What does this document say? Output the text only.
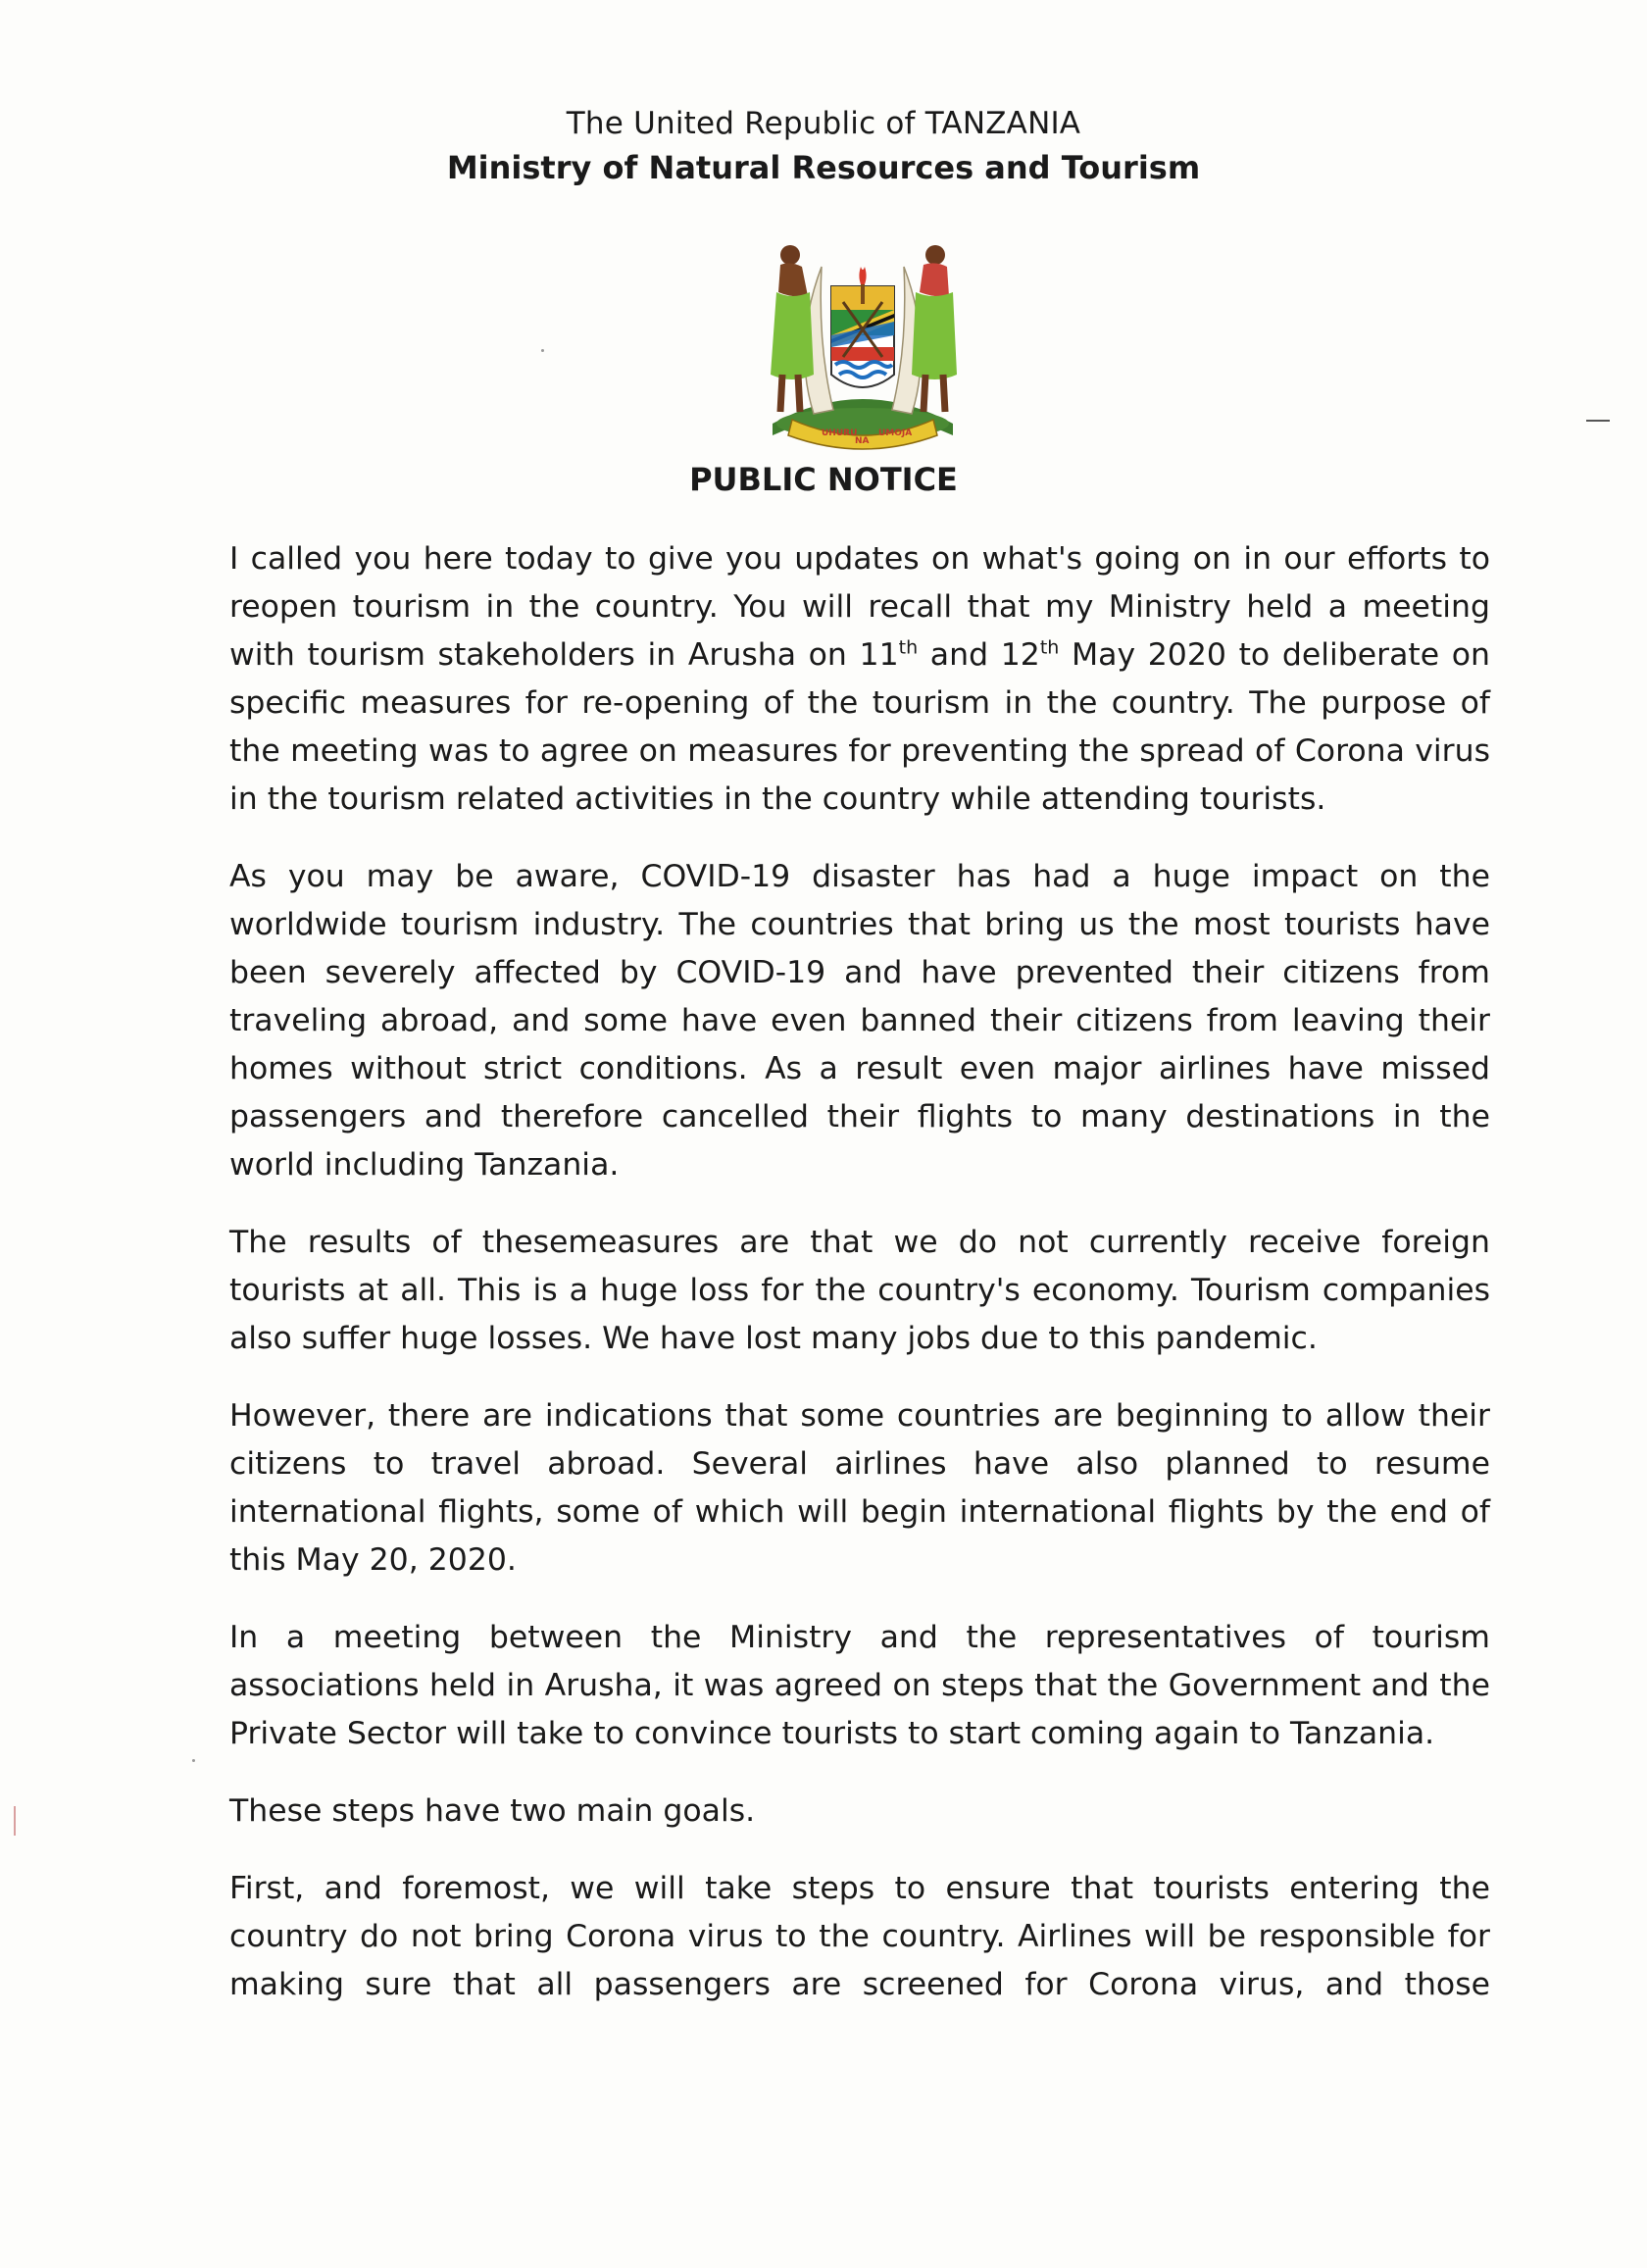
The United Republic of TANZANIA
Ministry of Natural Resources and Tourism
UHURU
NA
UMOJA
PUBLIC NOTICE

I called you here today to give you updates on what's going on in our efforts to reopen tourism in the country. You will recall that my Ministry held a meeting with tourism stakeholders in Arusha on 11th and 12th May 2020 to deliberate on specific measures for re-opening of the tourism in the country. The purpose of the meeting was to agree on measures for preventing the spread of Corona virus in the tourism related activities in the country while attending tourists.

As you may be aware, COVID-19 disaster has had a huge impact on the worldwide tourism industry. The countries that bring us the most tourists have been severely affected by COVID-19 and have prevented their citizens from traveling abroad, and some have even banned their citizens from leaving their homes without strict conditions. As a result even major airlines have missed passengers and therefore cancelled their flights to many destinations in the world including Tanzania.

The results of thesemeasures are that we do not currently receive foreign tourists at all. This is a huge loss for the country's economy. Tourism companies also suffer huge losses. We have lost many jobs due to this pandemic.

However, there are indications that some countries are beginning to allow their citizens to travel abroad. Several airlines have also planned to resume international flights, some of which will begin international flights by the end of this May 20, 2020.

In a meeting between the Ministry and the representatives of tourism associations held in Arusha, it was agreed on steps that the Government and the Private Sector will take to convince tourists to start coming again to Tanzania.

These steps have two main goals.

First, and foremost, we will take steps to ensure that tourists entering the country do not bring Corona virus to the country. Airlines will be responsible for making sure that all passengers are screened for Corona virus, and those
